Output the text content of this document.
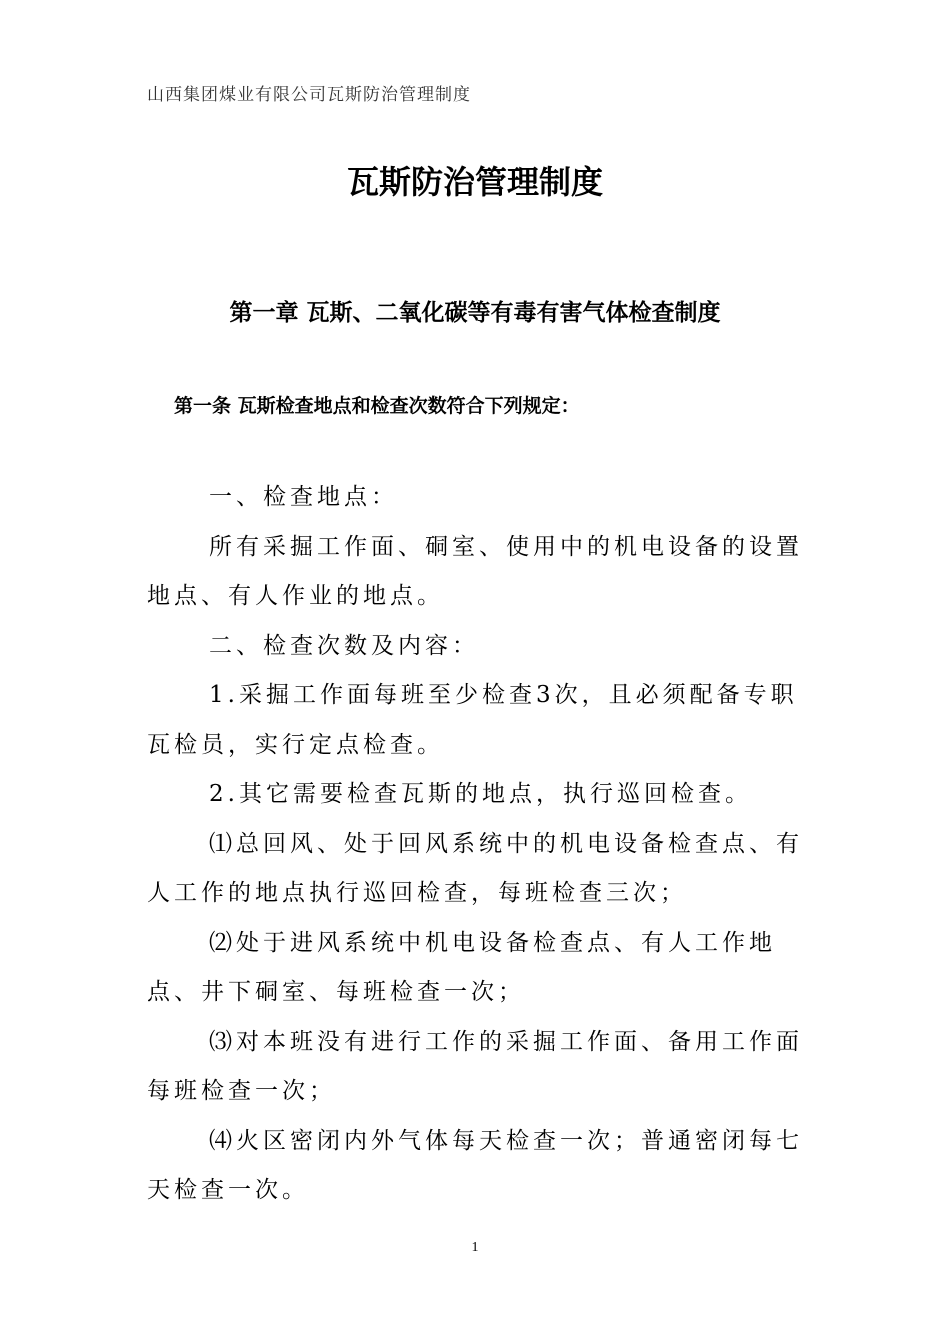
山西集团煤业有限公司瓦斯防治管理制度
瓦斯防治管理制度
第一章 瓦斯、二氧化碳等有毒有害气体检查制度
第一条 瓦斯检查地点和检查次数符合下列规定：

一、检查地点：

所有采掘工作面、硐室、使用中的机电设备的设置地点、有人作业的地点。

二、检查次数及内容：

1.采掘工作面每班至少检查3次，且必须配备专职瓦检员，实行定点检查。

2.其它需要检查瓦斯的地点，执行巡回检查。

⑴总回风、处于回风系统中的机电设备检查点、有人工作的地点执行巡回检查，每班检查三次；

⑵处于进风系统中机电设备检查点、有人工作地点、井下硐室、每班检查一次；

⑶对本班没有进行工作的采掘工作面、备用工作面每班检查一次；

⑷火区密闭内外气体每天检查一次；普通密闭每七天检查一次。

1
